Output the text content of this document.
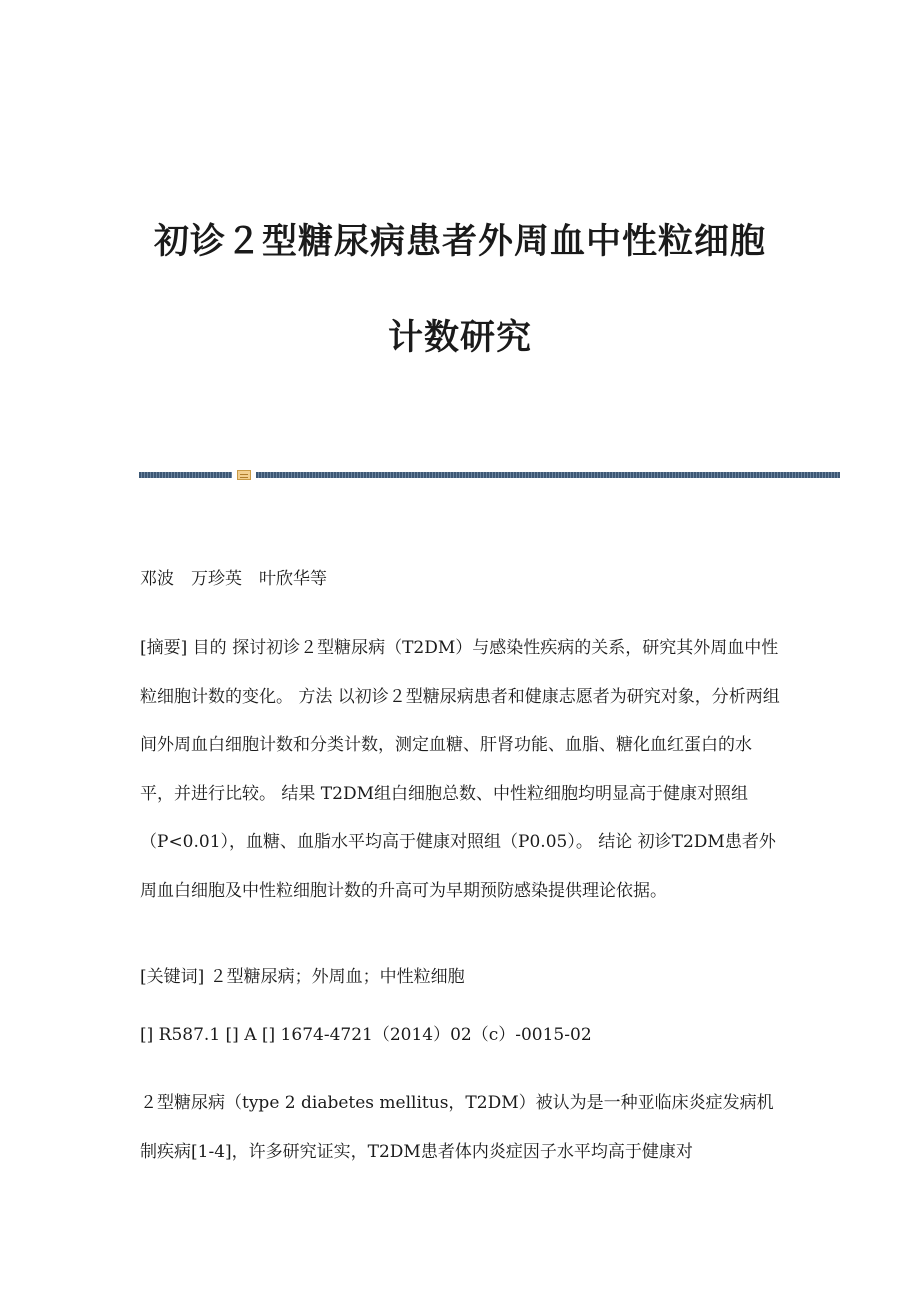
初诊２型糖尿病患者外周血中性粒细胞
计数研究

邓波　万珍英　叶欣华等

[摘要] 目的 探讨初诊２型糖尿病（T2DM）与感染性疾病的关系，研究其外周血中性粒细胞计数的变化。 方法 以初诊２型糖尿病患者和健康志愿者为研究对象，分析两组间外周血白细胞计数和分类计数，测定血糖、肝肾功能、血脂、糖化血红蛋白的水平，并进行比较。 结果 T2DM组白细胞总数、中性粒细胞均明显高于健康对照组（P<0.01），血糖、血脂水平均高于健康对照组（P0.05）。 结论 初诊T2DM患者外周血白细胞及中性粒细胞计数的升高可为早期预防感染提供理论依据。

[关键词] ２型糖尿病；外周血；中性粒细胞

[] R587.1 [] A [] 1674-4721（2014）02（c）-0015-02

２型糖尿病（type 2 diabetes mellitus，T2DM）被认为是一种亚临床炎症发病机制疾病[1-4]，许多研究证实，T2DM患者体内炎症因子水平均高于健康对
